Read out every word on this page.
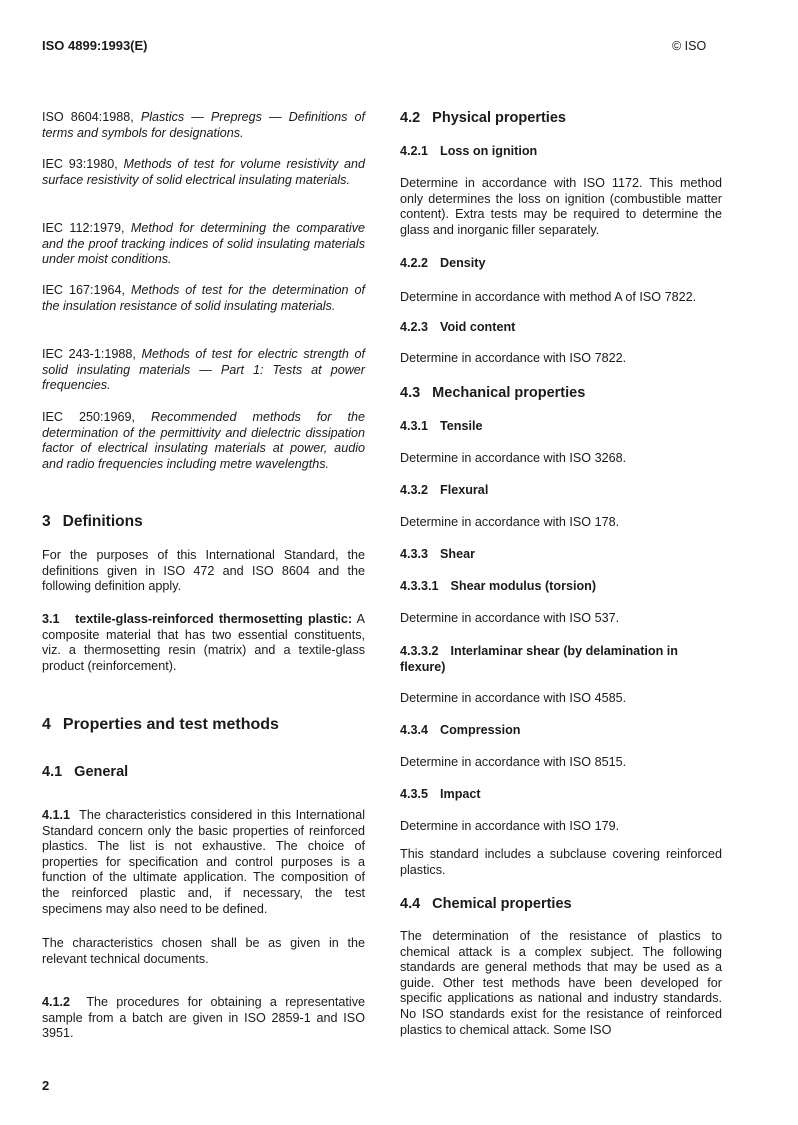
ISO 4899:1993(E)	© ISO

ISO 8604:1988, Plastics — Prepregs — Definitions of terms and symbols for designations.

IEC 93:1980, Methods of test for volume resistivity and surface resistivity of solid electrical insulating materials.

IEC 112:1979, Method for determining the comparative and the proof tracking indices of solid insulating materials under moist conditions.

IEC 167:1964, Methods of test for the determination of the insulation resistance of solid insulating materials.

IEC 243-1:1988, Methods of test for electric strength of solid insulating materials — Part 1: Tests at power frequencies.

IEC 250:1969, Recommended methods for the determination of the permittivity and dielectric dissipation factor of electrical insulating materials at power, audio and radio frequencies including metre wavelengths.

3 Definitions

For the purposes of this International Standard, the definitions given in ISO 472 and ISO 8604 and the following definition apply.

3.1 textile-glass-reinforced thermosetting plastic: A composite material that has two essential constituents, viz. a thermosetting resin (matrix) and a textile-glass product (reinforcement).

4 Properties and test methods
4.1 General

4.1.1 The characteristics considered in this International Standard concern only the basic properties of reinforced plastics. The list is not exhaustive. The choice of properties for specification and control purposes is a function of the ultimate application. The composition of the reinforced plastic and, if necessary, the test specimens may also need to be defined.

The characteristics chosen shall be as given in the relevant technical documents.

4.1.2 The procedures for obtaining a representative sample from a batch are given in ISO 2859-1 and ISO 3951.

4.2 Physical properties
4.2.1 Loss on ignition

Determine in accordance with ISO 1172. This method only determines the loss on ignition (combustible matter content). Extra tests may be required to determine the glass and inorganic filler separately.

4.2.2 Density

Determine in accordance with method A of ISO 7822.

4.2.3 Void content

Determine in accordance with ISO 7822.

4.3 Mechanical properties
4.3.1 Tensile

Determine in accordance with ISO 3268.

4.3.2 Flexural

Determine in accordance with ISO 178.

4.3.3 Shear
4.3.3.1 Shear modulus (torsion)

Determine in accordance with ISO 537.

4.3.3.2 Interlaminar shear (by delamination in flexure)

Determine in accordance with ISO 4585.

4.3.4 Compression

Determine in accordance with ISO 8515.

4.3.5 Impact

Determine in accordance with ISO 179.

This standard includes a subclause covering reinforced plastics.

4.4 Chemical properties

The determination of the resistance of plastics to chemical attack is a complex subject. The following standards are general methods that may be used as a guide. Other test methods have been developed for specific applications as national and industry standards. No ISO standards exist for the resistance of reinforced plastics to chemical attack. Some ISO

2
